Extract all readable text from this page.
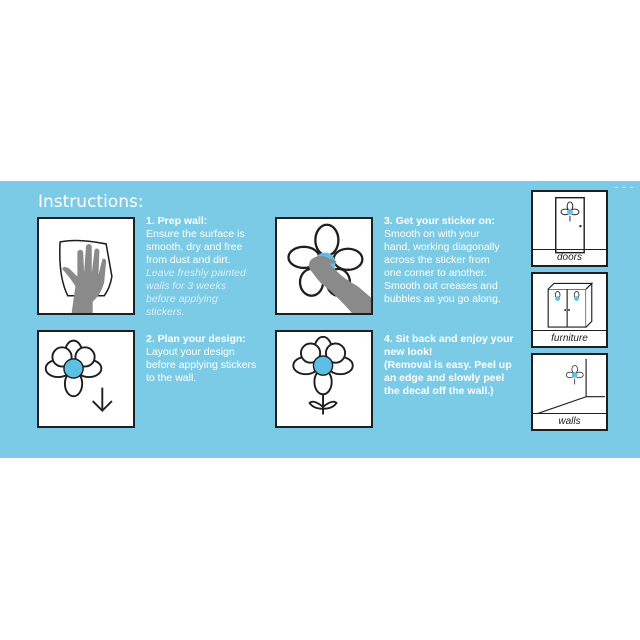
Instructions:
- - -
1. Prep wall:
Ensure the surface is smooth, dry and free from dust and dirt.
Leave freshly painted walls for 3 weeks before applying stickers.
2. Plan your design:
Layout your design before applying stickers to the wall.
3. Get your sticker on:
Smooth on with your hand, working diagonally across the sticker from one corner to another. Smooth out creases and bubbles as you go along.
4. Sit back and enjoy your new look!
(Removal is easy. Peel up an edge and slowly peel the decal off the wall.)
doors
furniture
walls
